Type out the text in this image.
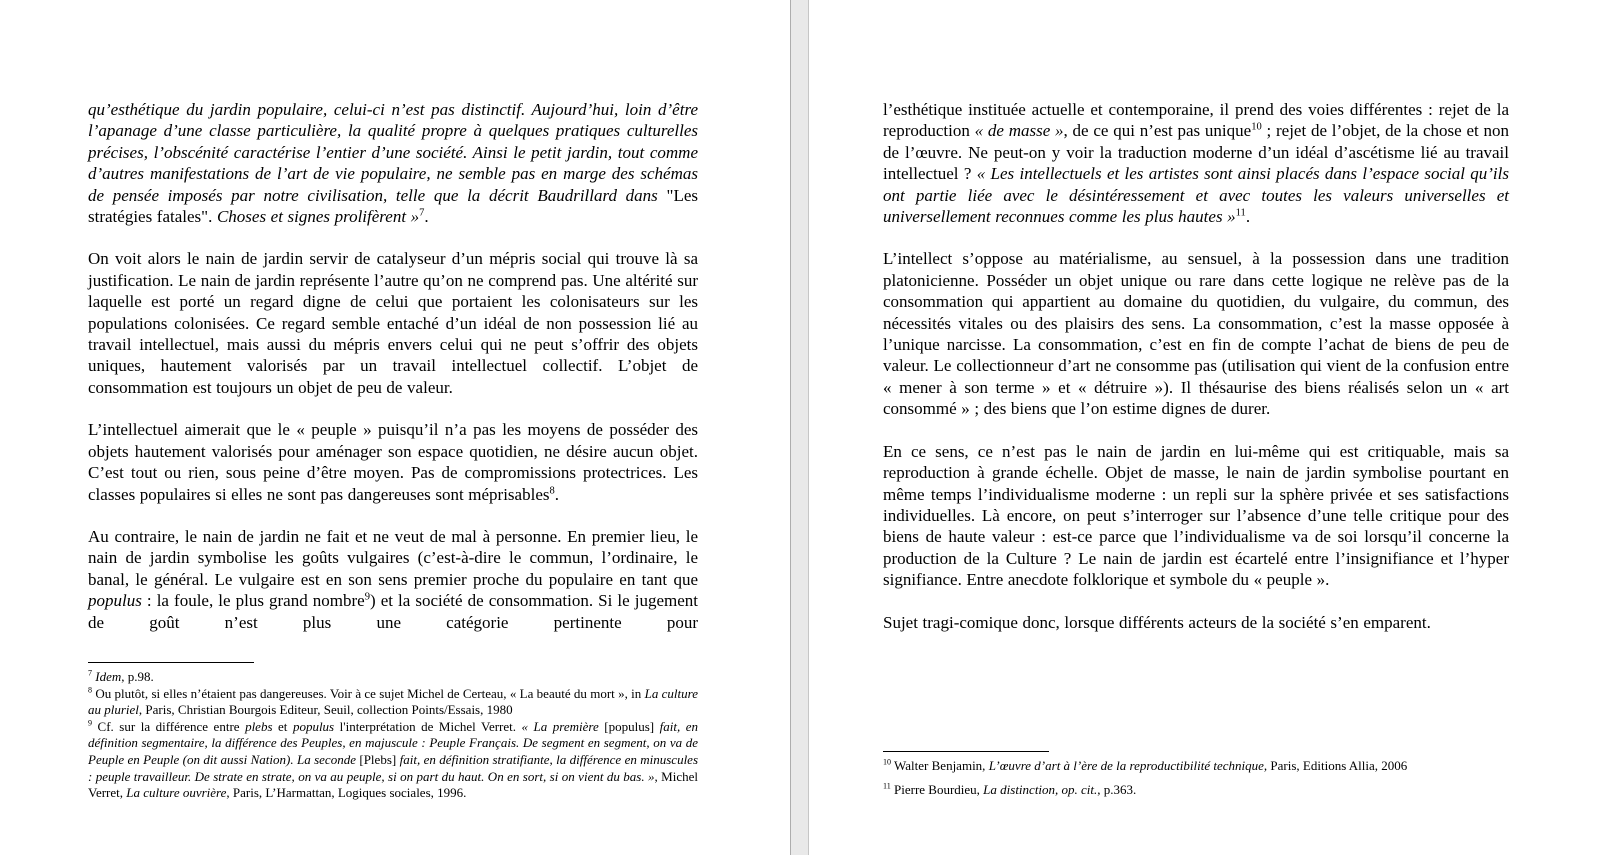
qu’esthétique du jardin populaire, celui-ci n’est pas distinctif. Aujourd’hui, loin d’être l’apanage d’une classe particulière, la qualité propre à quelques pratiques culturelles précises, l’obscénité caractérise l’entier d’une société. Ainsi le petit jardin, tout comme d’autres manifestations de l’art de vie populaire, ne semble pas en marge des schémas de pensée imposés par notre civilisation, telle que la décrit Baudrillard dans "Les stratégies fatales". Choses et signes prolifèrent »$^7$.

On voit alors le nain de jardin servir de catalyseur d’un mépris social qui trouve là sa justification. Le nain de jardin représente l’autre qu’on ne comprend pas. Une altérité sur laquelle est porté un regard digne de celui que portaient les colonisateurs sur les populations colonisées. Ce regard semble entaché d’un idéal de non possession lié au travail intellectuel, mais aussi du mépris envers celui qui ne peut s’offrir des objets uniques, hautement valorisés par un travail intellectuel collectif. L’objet de consommation est toujours un objet de peu de valeur.

L’intellectuel aimerait que le « peuple » puisqu’il n’a pas les moyens de posséder des objets hautement valorisés pour aménager son espace quotidien, ne désire aucun objet. C’est tout ou rien, sous peine d’être moyen. Pas de compromissions protectrices. Les classes populaires si elles ne sont pas dangereuses sont méprisables$^8$.

Au contraire, le nain de jardin ne fait et ne veut de mal à personne. En premier lieu, le nain de jardin symbolise les goûts vulgaires (c’est-à-dire le commun, l’ordinaire, le banal, le général. Le vulgaire est en son sens premier proche du populaire en tant que populus : la foule, le plus grand nombre$^9$) et la société de consommation. Si le jugement de goût n’est plus une catégorie pertinente pour

$^7$ Idem, p.98.

$^8$ Ou plutôt, si elles n’étaient pas dangereuses. Voir à ce sujet Michel de Certeau, « La beauté du mort », in La culture au pluriel, Paris, Christian Bourgois Editeur, Seuil, collection Points/Essais, 1980

$^9$ Cf. sur la différence entre plebs et populus l'interprétation de Michel Verret. « La première [populus] fait, en définition segmentaire, la différence des Peuples, en majuscule : Peuple Français. De segment en segment, on va de Peuple en Peuple (on dit aussi Nation). La seconde [Plebs] fait, en définition stratifiante, la différence en minuscules : peuple travailleur. De strate en strate, on va au peuple, si on part du haut. On en sort, si on vient du bas. », Michel Verret, La culture ouvrière, Paris, L’Harmattan, Logiques sociales, 1996.

l’esthétique instituée actuelle et contemporaine, il prend des voies différentes : rejet de la reproduction « de masse », de ce qui n’est pas unique$^{10}$ ; rejet de l’objet, de la chose et non de l’œuvre. Ne peut-on y voir la traduction moderne d’un idéal d’ascétisme lié au travail intellectuel ? « Les intellectuels et les artistes sont ainsi placés dans l’espace social qu’ils ont partie liée avec le désintéressement et avec toutes les valeurs universelles et universellement reconnues comme les plus hautes »$^{11}$.

L’intellect s’oppose au matérialisme, au sensuel, à la possession dans une tradition platonicienne. Posséder un objet unique ou rare dans cette logique ne relève pas de la consommation qui appartient au domaine du quotidien, du vulgaire, du commun, des nécessités vitales ou des plaisirs des sens. La consommation, c’est la masse opposée à l’unique narcisse. La consommation, c’est en fin de compte l’achat de biens de peu de valeur. Le collectionneur d’art ne consomme pas (utilisation qui vient de la confusion entre « mener à son terme » et « détruire »). Il thésaurise des biens réalisés selon un « art consommé » ; des biens que l’on estime dignes de durer.

En ce sens, ce n’est pas le nain de jardin en lui-même qui est critiquable, mais sa reproduction à grande échelle. Objet de masse, le nain de jardin symbolise pourtant en même temps l’individualisme moderne : un repli sur la sphère privée et ses satisfactions individuelles. Là encore, on peut s’interroger sur l’absence d’une telle critique pour des biens de haute valeur : est-ce parce que l’individualisme va de soi lorsqu’il concerne la production de la Culture ? Le nain de jardin est écartelé entre l’insignifiance et l’hyper signifiance. Entre anecdote folklorique et symbole du « peuple ».

Sujet tragi-comique donc, lorsque différents acteurs de la société s’en emparent.

$^{10}$ Walter Benjamin, L’œuvre d’art à l’ère de la reproductibilité technique, Paris, Editions Allia, 2006

$^{11}$ Pierre Bourdieu, La distinction, op. cit., p.363.
